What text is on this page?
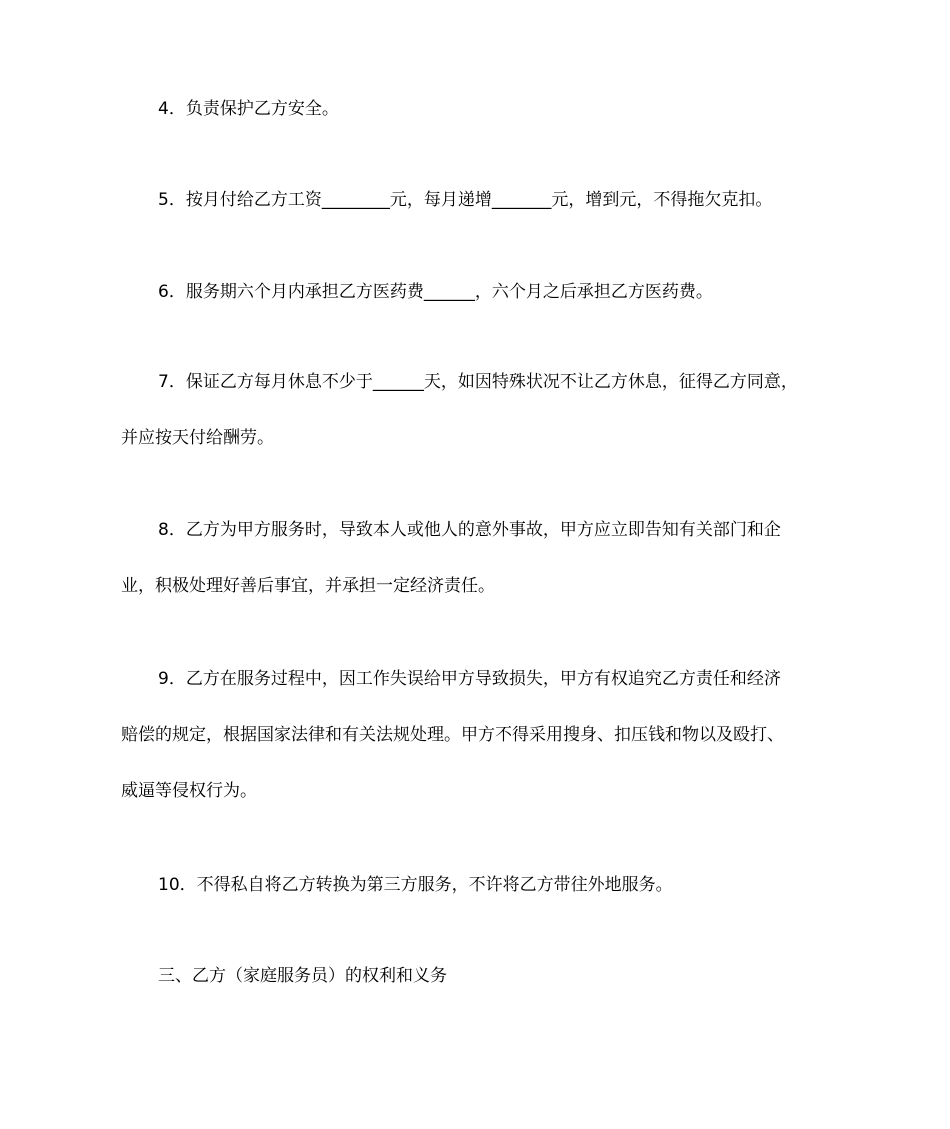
4．负责保护乙方安全。
5．按月付给乙方工资________元，每月递增_______元，增到元，不得拖欠克扣。
6．服务期六个月内承担乙方医药费______，六个月之后承担乙方医药费。
7．保证乙方每月休息不少于______天，如因特殊状况不让乙方休息，征得乙方同意，
并应按天付给酬劳。
8．乙方为甲方服务时，导致本人或他人的意外事故，甲方应立即告知有关部门和企
业，积极处理好善后事宜，并承担一定经济责任。
9．乙方在服务过程中，因工作失误给甲方导致损失，甲方有权追究乙方责任和经济
赔偿的规定，根据国家法律和有关法规处理。甲方不得采用搜身、扣压钱和物以及殴打、
威逼等侵权行为。
10．不得私自将乙方转换为第三方服务，不许将乙方带往外地服务。
三、乙方（家庭服务员）的权利和义务
